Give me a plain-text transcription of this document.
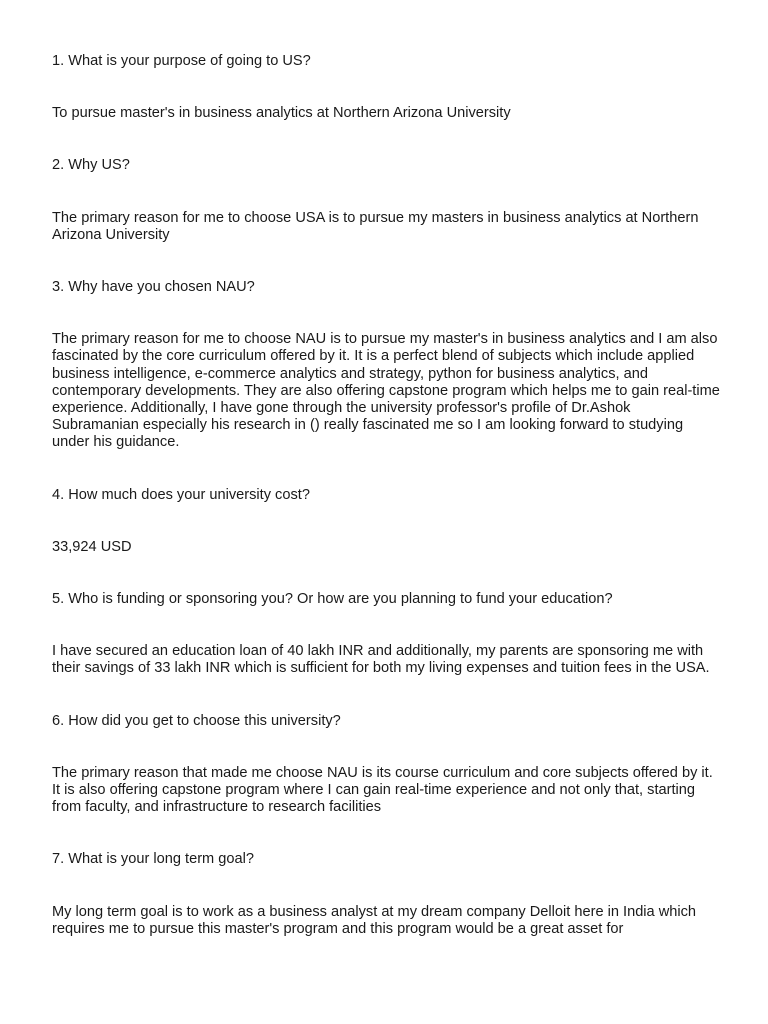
1. What is your purpose of going to US?

To pursue master's in business analytics at Northern Arizona University

2. Why US?

The primary reason for me to choose USA is to pursue my masters in business analytics at Northern Arizona University

3. Why have you chosen NAU?

The primary reason for me to choose NAU is to pursue my master's in business analytics and I am also fascinated by the core curriculum offered by it. It is a perfect blend of subjects which include applied business intelligence, e-commerce analytics and strategy, python for business analytics, and contemporary developments. They are also offering capstone program which helps me to gain real-time experience. Additionally, I have gone through the university professor's profile of Dr.Ashok Subramanian especially his research in () really fascinated me so I am looking forward to studying under his guidance.

4. How much does your university cost?

33,924 USD

5. Who is funding or sponsoring you? Or how are you planning to fund your education?

I have secured an education loan of 40 lakh INR and additionally, my parents are sponsoring me with their savings of 33 lakh INR which is sufficient for both my living expenses and tuition fees in the USA.

6. How did you get to choose this university?

The primary reason that made me choose NAU is its course curriculum and core subjects offered by it. It is also offering capstone program where I can gain real-time experience and not only that, starting from faculty, and infrastructure to research facilities

7. What is your long term goal?

My long term goal is to work as a business analyst at my dream company Delloit here in India which requires me to pursue this master's program and this program would be a great asset for
